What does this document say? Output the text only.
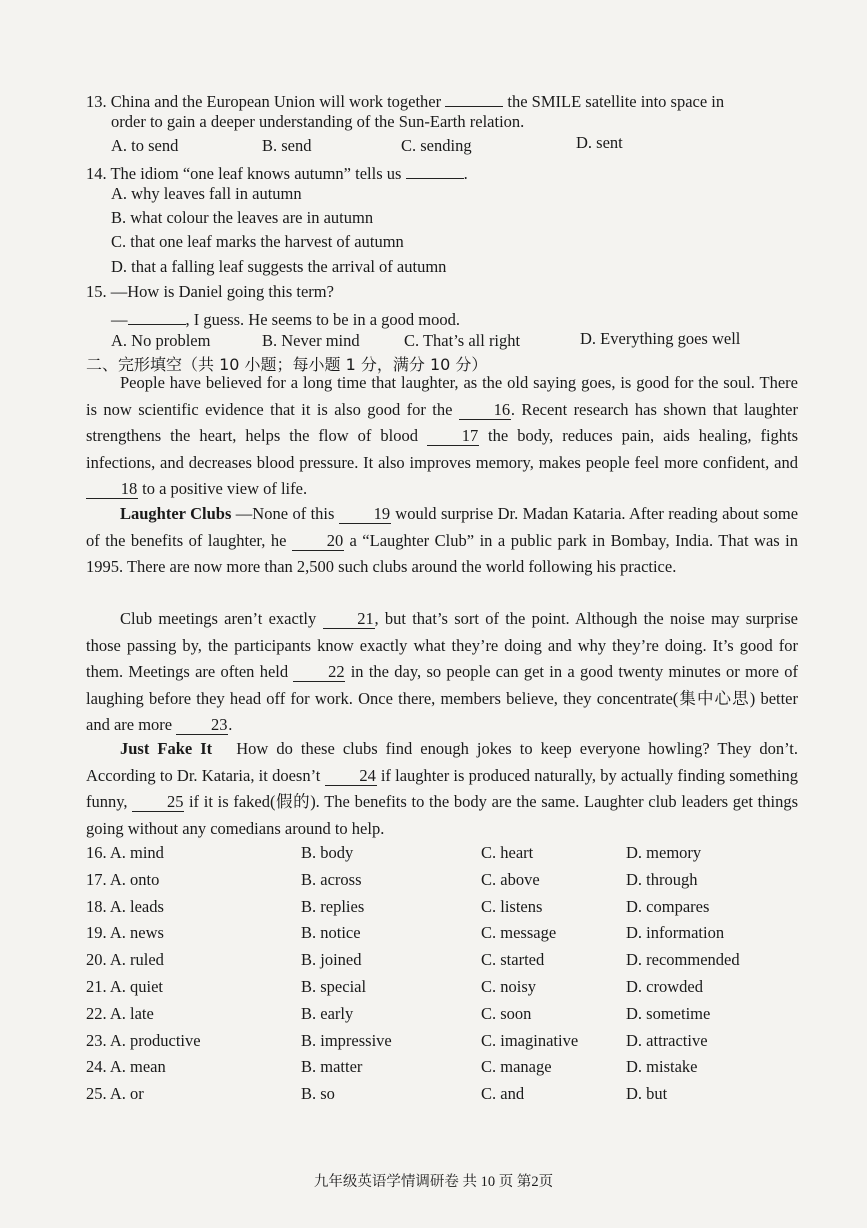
13. China and the European Union will work together	the SMILE satellite into space in
order to gain a deeper understanding of the Sun-Earth relation.
A. to send	B. send	C. sending	D. sent
14. The idiom “one leaf knows autumn” tells us	.
A. why leaves fall in autumn
B. what colour the leaves are in autumn
C. that one leaf marks the harvest of autumn
D. that a falling leaf suggests the arrival of autumn
15. —How is Daniel going this term?
—	, I guess. He seems to be in a good mood.
A. No problem	B. Never mind	C. That’s all right	D. Everything goes well
二、完形填空（共 10 小题；每小题 1 分，满分 10 分）
People have believed for a long time that laughter, as the old saying goes, is good for the soul. There is now scientific evidence that it is also good for the 16. Recent research has shown that laughter strengthens the heart, helps the flow of blood	17 the body, reduces pain, aids healing, fights infections, and decreases blood pressure. It also improves memory, makes people feel more confident, and 18 to a positive view of life.
Laughter Clubs —None of this 19 would surprise Dr. Madan Kataria. After reading about some of the benefits of laughter, he 20 a “Laughter Club” in a public park in Bombay, India. That was in 1995. There are now more than 2,500 such clubs around the world following his practice.
Club meetings aren’t exactly 21, but that’s sort of the point. Although the noise may surprise those passing by, the participants know exactly what they’re doing and why they’re doing. It’s good for them. Meetings are often held 22 in the day, so people can get in a good twenty minutes or more of laughing before they head off for work. Once there, members believe, they concentrate(集中心思) better and are more 23.
Just Fake It How do these clubs find enough jokes to keep everyone howling? They don’t. According to Dr. Kataria, it doesn’t 24 if laughter is produced naturally, by actually finding something funny, 25 if it is faked(假的). The benefits to the body are the same. Laughter club leaders get things going without any comedians around to help.
16. A. mind	B. body	C. heart	D. memory
17. A. onto	B. across	C. above	D. through
18. A. leads	B. replies	C. listens	D. compares
19. A. news	B. notice	C. message	D. information
20. A. ruled	B. joined	C. started	D. recommended
21. A. quiet	B. special	C. noisy	D. crowded
22. A. late	B. early	C. soon	D. sometime
23. A. productive	B. impressive	C. imaginative	D. attractive
24. A. mean	B. matter	C. manage	D. mistake
25. A. or	B. so	C. and	D. but
九年级英语学情调研卷 共 10 页 第2页
